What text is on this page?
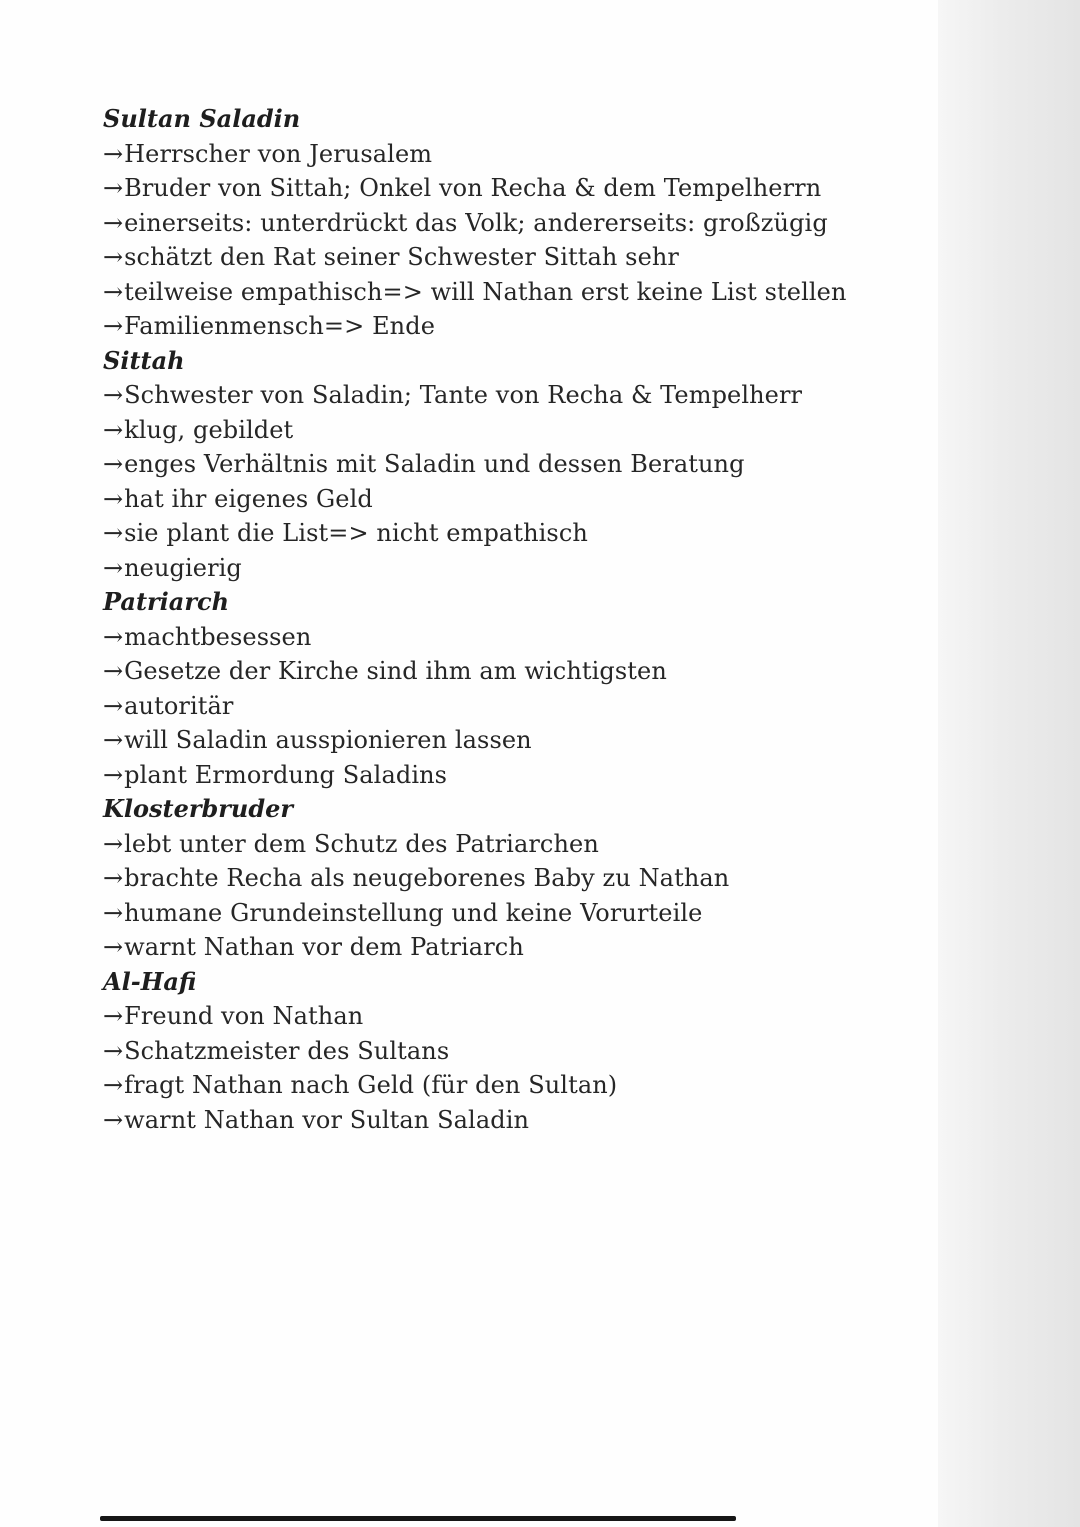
Sultan Saladin
→Herrscher von Jerusalem
→Bruder von Sittah; Onkel von Recha & dem Tempelherrn
→einerseits: unterdrückt das Volk; andererseits: großzügig
→schätzt den Rat seiner Schwester Sittah sehr
→teilweise empathisch=> will Nathan erst keine List stellen
→Familienmensch=> Ende
Sittah
→Schwester von Saladin; Tante von Recha & Tempelherr
→klug, gebildet
→enges Verhältnis mit Saladin und dessen Beratung
→hat ihr eigenes Geld
→sie plant die List=> nicht empathisch
→neugierig
Patriarch
→machtbesessen
→Gesetze der Kirche sind ihm am wichtigsten
→autoritär
→will Saladin ausspionieren lassen
→plant Ermordung Saladins
Klosterbruder
→lebt unter dem Schutz des Patriarchen
→brachte Recha als neugeborenes Baby zu Nathan
→humane Grundeinstellung und keine Vorurteile
→warnt Nathan vor dem Patriarch
Al-Hafi
→Freund von Nathan
→Schatzmeister des Sultans
→fragt Nathan nach Geld (für den Sultan)
→warnt Nathan vor Sultan Saladin
